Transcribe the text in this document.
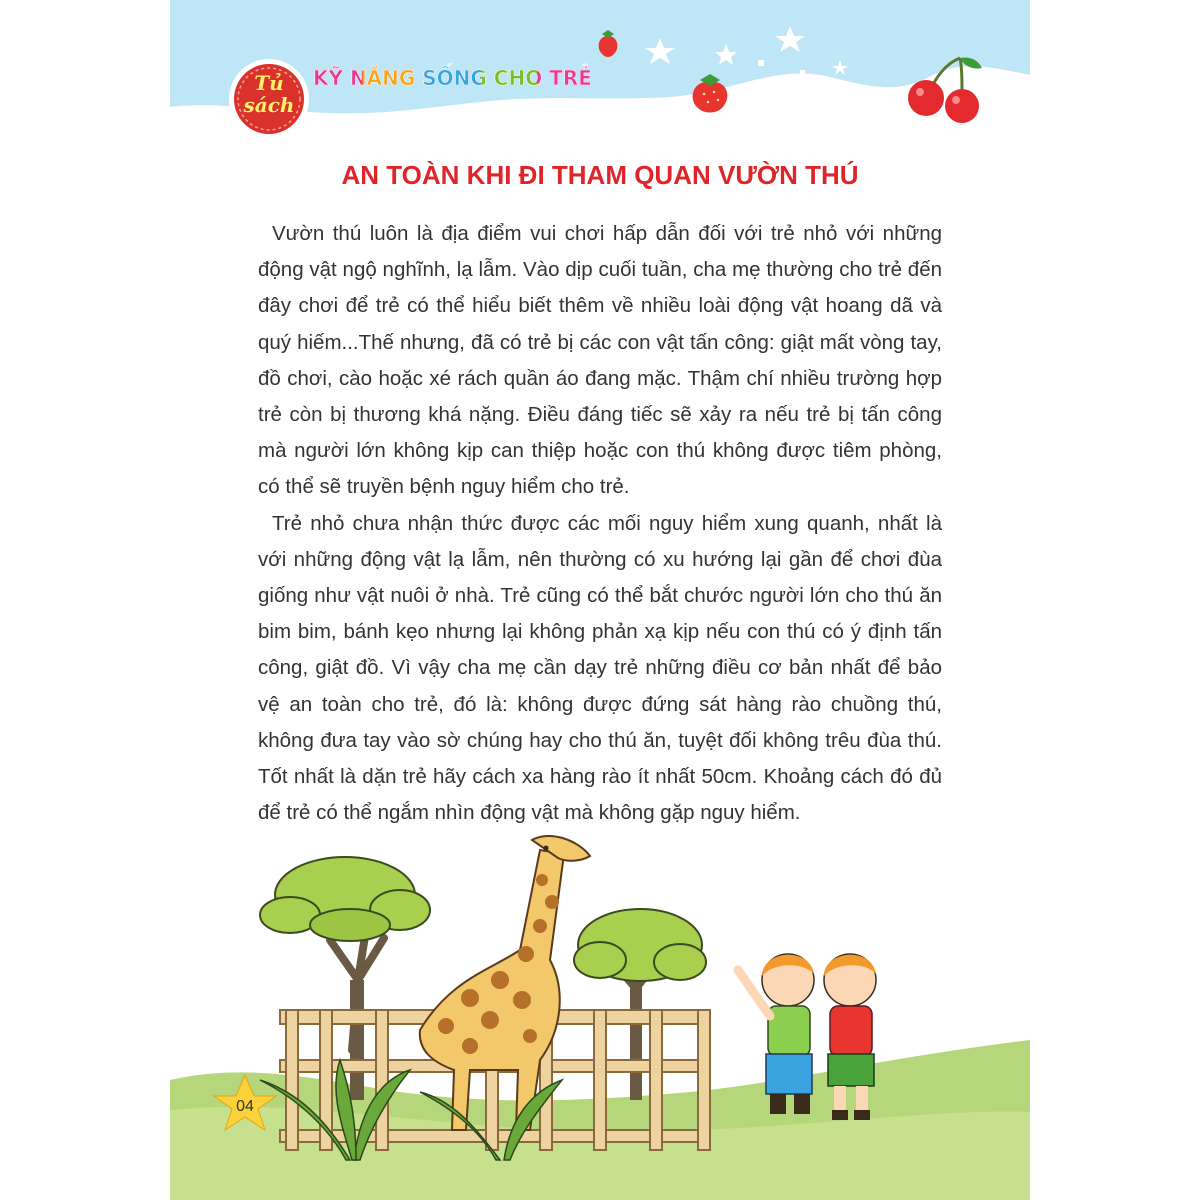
Tủ sách
KỸ NĂNG SỐNG CHO TRẺ
AN TOÀN KHI ĐI THAM QUAN VƯỜN THÚ

Vườn thú luôn là địa điểm vui chơi hấp dẫn đối với trẻ nhỏ với những động vật ngộ nghĩnh, lạ lẫm. Vào dịp cuối tuần, cha mẹ thường cho trẻ đến đây chơi để trẻ có thể hiểu biết thêm về nhiều loài động vật hoang dã và quý hiếm...Thế nhưng, đã có trẻ bị các con vật tấn công: giật mất vòng tay, đồ chơi, cào hoặc xé rách quần áo đang mặc. Thậm chí nhiều trường hợp trẻ còn bị thương khá nặng. Điều đáng tiếc sẽ xảy ra nếu trẻ bị tấn công mà người lớn không kịp can thiệp hoặc con thú không được tiêm phòng, có thể sẽ truyền bệnh nguy hiểm cho trẻ.

Trẻ nhỏ chưa nhận thức được các mối nguy hiểm xung quanh, nhất là với những động vật lạ lẫm, nên thường có xu hướng lại gần để chơi đùa giống như vật nuôi ở nhà. Trẻ cũng có thể bắt chước người lớn cho thú ăn bim bim, bánh kẹo nhưng lại không phản xạ kịp nếu con thú có ý định tấn công, giật đồ. Vì vậy cha mẹ cần dạy trẻ những điều cơ bản nhất để bảo vệ an toàn cho trẻ, đó là: không được đứng sát hàng rào chuồng thú, không đưa tay vào sờ chúng hay cho thú ăn, tuyệt đối không trêu đùa thú. Tốt nhất là dặn trẻ hãy cách xa hàng rào ít nhất 50cm. Khoảng cách đó đủ để trẻ có thể ngắm nhìn động vật mà không gặp nguy hiểm.

04
